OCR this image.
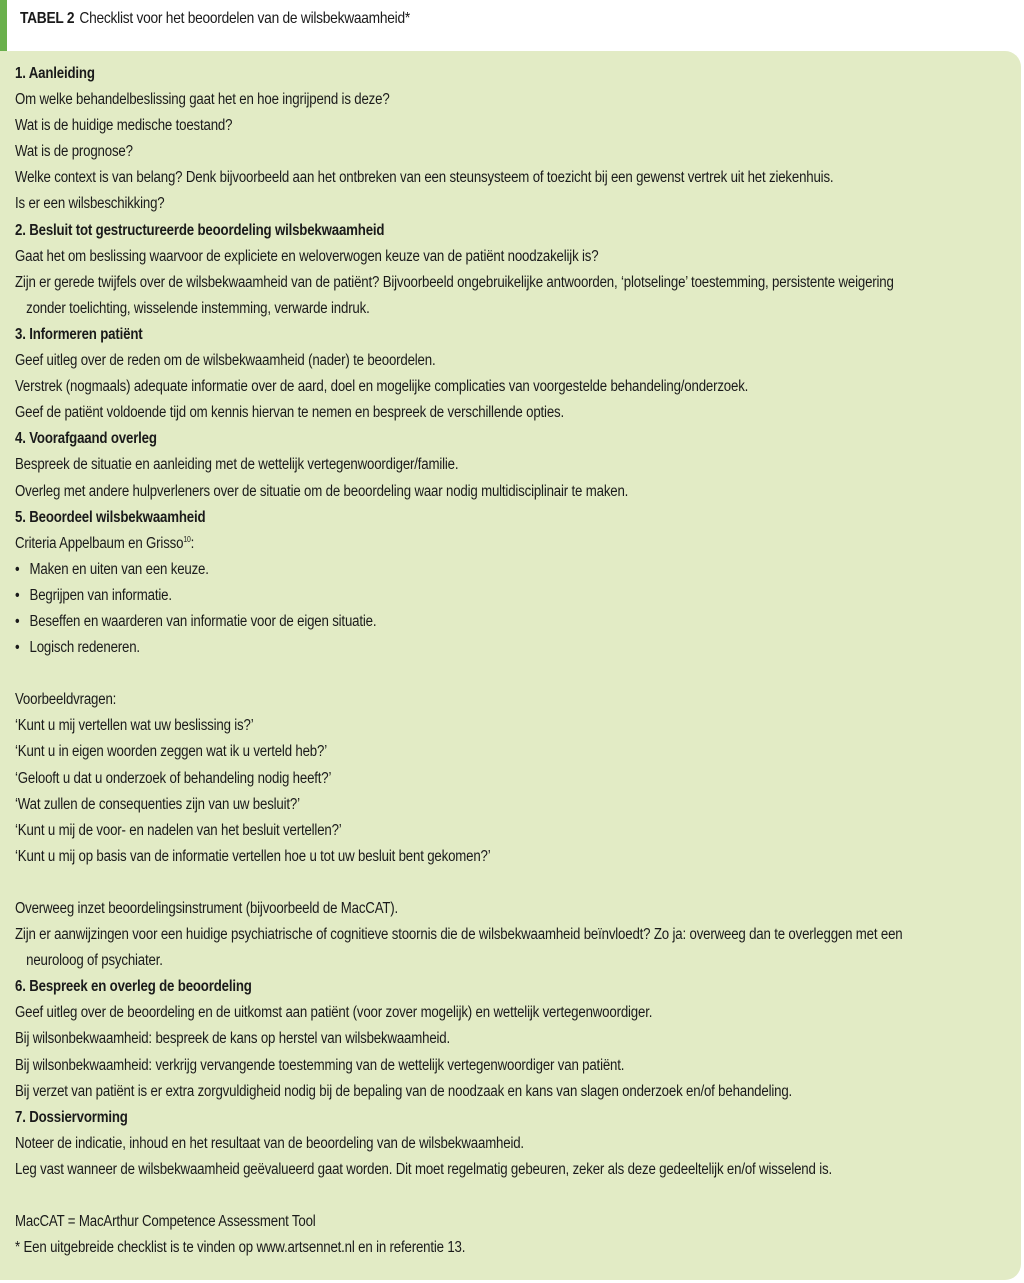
TABEL 2 Checklist voor het beoordelen van de wilsbekwaamheid*
1. Aanleiding
Om welke behandelbeslissing gaat het en hoe ingrijpend is deze?
Wat is de huidige medische toestand?
Wat is de prognose?
Welke context is van belang? Denk bijvoorbeeld aan het ontbreken van een steunsysteem of toezicht bij een gewenst vertrek uit het ziekenhuis.
Is er een wilsbeschikking?
2. Besluit tot gestructureerde beoordeling wilsbekwaamheid
Gaat het om beslissing waarvoor de expliciete en weloverwogen keuze van de patiënt noodzakelijk is?
Zijn er gerede twijfels over de wilsbekwaamheid van de patiënt? Bijvoorbeeld ongebruikelijke antwoorden, ‘plotselinge’ toestemming, persistente weigering
zonder toelichting, wisselende instemming, verwarde indruk.
3. Informeren patiënt
Geef uitleg over de reden om de wilsbekwaamheid (nader) te beoordelen.
Verstrek (nogmaals) adequate informatie over de aard, doel en mogelijke complicaties van voorgestelde behandeling/onderzoek.
Geef de patiënt voldoende tijd om kennis hiervan te nemen en bespreek de verschillende opties.
4. Voorafgaand overleg
Bespreek de situatie en aanleiding met de wettelijk vertegenwoordiger/familie.
Overleg met andere hulpverleners over de situatie om de beoordeling waar nodig multidisciplinair te maken.
5. Beoordeel wilsbekwaamheid
Criteria Appelbaum en Grisso$^{10}$:
• Maken en uiten van een keuze.
• Begrijpen van informatie.
• Beseffen en waarderen van informatie voor de eigen situatie.
• Logisch redeneren.
Voorbeeldvragen:
‘Kunt u mij vertellen wat uw beslissing is?’
‘Kunt u in eigen woorden zeggen wat ik u verteld heb?’
‘Gelooft u dat u onderzoek of behandeling nodig heeft?’
‘Wat zullen de consequenties zijn van uw besluit?’
‘Kunt u mij de voor- en nadelen van het besluit vertellen?’
‘Kunt u mij op basis van de informatie vertellen hoe u tot uw besluit bent gekomen?’
Overweeg inzet beoordelingsinstrument (bijvoorbeeld de MacCAT).
Zijn er aanwijzingen voor een huidige psychiatrische of cognitieve stoornis die de wilsbekwaamheid beïnvloedt? Zo ja: overweeg dan te overleggen met een
neuroloog of psychiater.
6. Bespreek en overleg de beoordeling
Geef uitleg over de beoordeling en de uitkomst aan patiënt (voor zover mogelijk) en wettelijk vertegenwoordiger.
Bij wilsonbekwaamheid: bespreek de kans op herstel van wilsbekwaamheid.
Bij wilsonbekwaamheid: verkrijg vervangende toestemming van de wettelijk vertegenwoordiger van patiënt.
Bij verzet van patiënt is er extra zorgvuldigheid nodig bij de bepaling van de noodzaak en kans van slagen onderzoek en/of behandeling.
7. Dossiervorming
Noteer de indicatie, inhoud en het resultaat van de beoordeling van de wilsbekwaamheid.
Leg vast wanneer de wilsbekwaamheid geëvalueerd gaat worden. Dit moet regelmatig gebeuren, zeker als deze gedeeltelijk en/of wisselend is.
MacCAT = MacArthur Competence Assessment Tool
* Een uitgebreide checklist is te vinden op www.artsennet.nl en in referentie 13.
